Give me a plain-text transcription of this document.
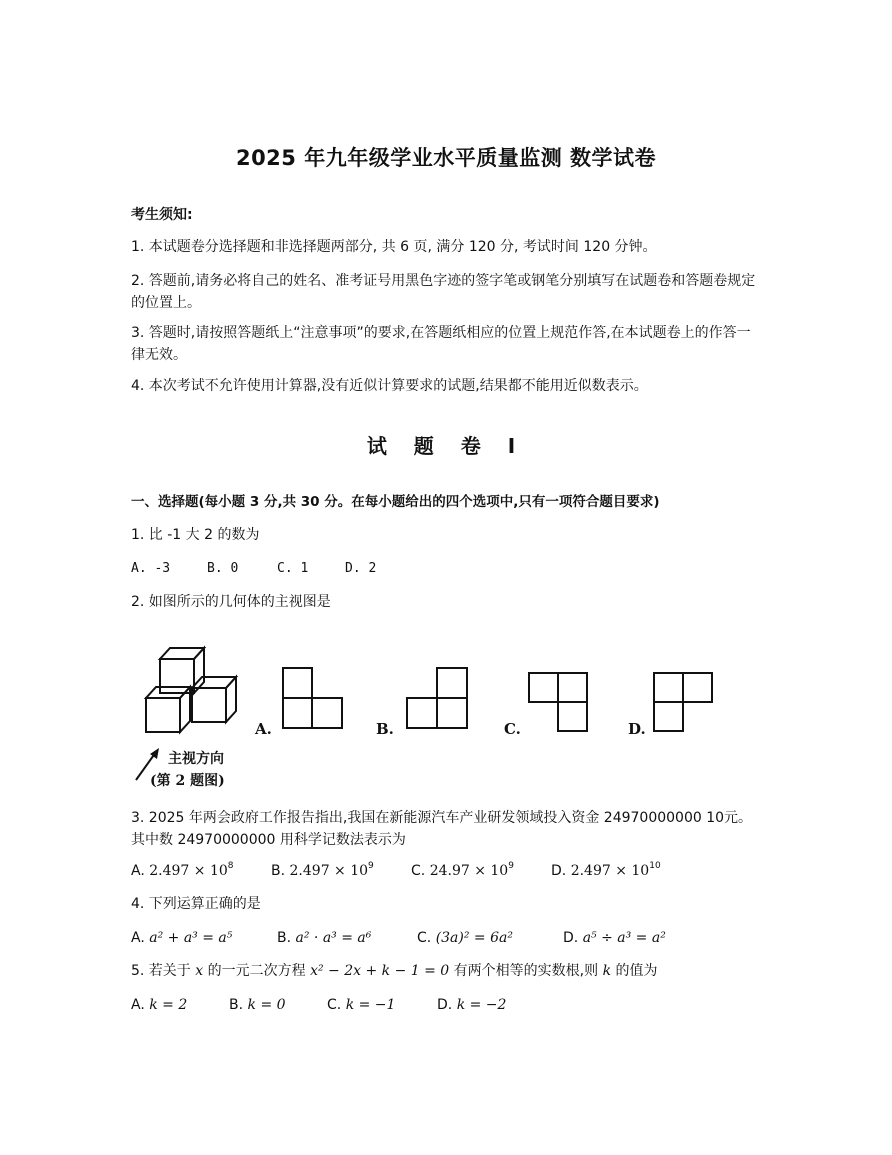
2025 年九年级学业水平质量监测 数学试卷
考生须知:
1. 本试题卷分选择题和非选择题两部分, 共 6 页, 满分 120 分, 考试时间 120 分钟。
2. 答题前,请务必将自己的姓名、准考证号用黑色字迹的签字笔或钢笔分别填写在试题卷和答题卷规定的位置上。
3. 答题时,请按照答题纸上“注意事项”的要求,在答题纸相应的位置上规范作答,在本试题卷上的作答一律无效。
4. 本次考试不允许使用计算器,没有近似计算要求的试题,结果都不能用近似数表示。
试 题 卷 I
一、选择题(每小题 3 分,共 30 分。在每小题给出的四个选项中,只有一项符合题目要求)
1. 比 -1 大 2 的数为
A. -3	B. 0	C. 1	D. 2
2. 如图所示的几何体的主视图是
主视方向
(第 2 题图)
A.	B.	C.	D.
3. 2025 年两会政府工作报告指出,我国在新能源汽车产业研发领域投入资金 24970000000 10元。其中数 24970000000 用科学记数法表示为
A. $2.497 \times 10^8$	B. $2.497 \times 10^9$	C. $24.97 \times 10^9$	D. $2.497 \times 10^{10}$
4. 下列运算正确的是
A. a² + a³ = a⁵	B. a² · a³ = a⁶	C. (3a)² = 6a²	D. a⁵ ÷ a³ = a²
5. 若关于 x 的一元二次方程 x² − 2x + k − 1 = 0 有两个相等的实数根,则 k 的值为
A. k = 2	B. k = 0	C. k = −1	D. k = −2
